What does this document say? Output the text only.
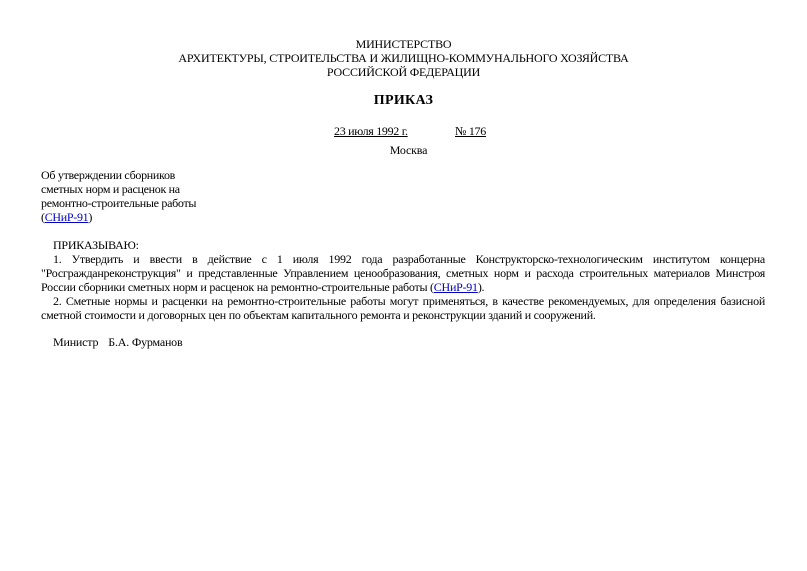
МИНИСТЕРСТВО
АРХИТЕКТУРЫ, СТРОИТЕЛЬСТВА И ЖИЛИЩНО-КОММУНАЛЬНОГО ХОЗЯЙСТВА
РОССИЙСКОЙ ФЕДЕРАЦИИ
ПРИКАЗ
23 июля 1992 г.	№ 176
Москва
Об утверждении сборников
сметных норм и расценок на
ремонтно-строительные работы
(СНиР-91)
ПРИКАЗЫВАЮ:

1. Утвердить и ввести в действие с 1 июля 1992 года разработанные Конструкторско-технологическим институтом концерна "Росгражданреконструкция" и представленные Управлением ценообразования, сметных норм и расхода строительных материалов Минстроя России сборники сметных норм и расценок на ремонтно-строительные работы (СНиР-91).

2. Сметные нормы и расценки на ремонтно-строительные работы могут применяться, в качестве рекомендуемых, для определения базисной сметной стоимости и договорных цен по объектам капитального ремонта и реконструкции зданий и сооружений.

Министр Б.А. Фурманов
